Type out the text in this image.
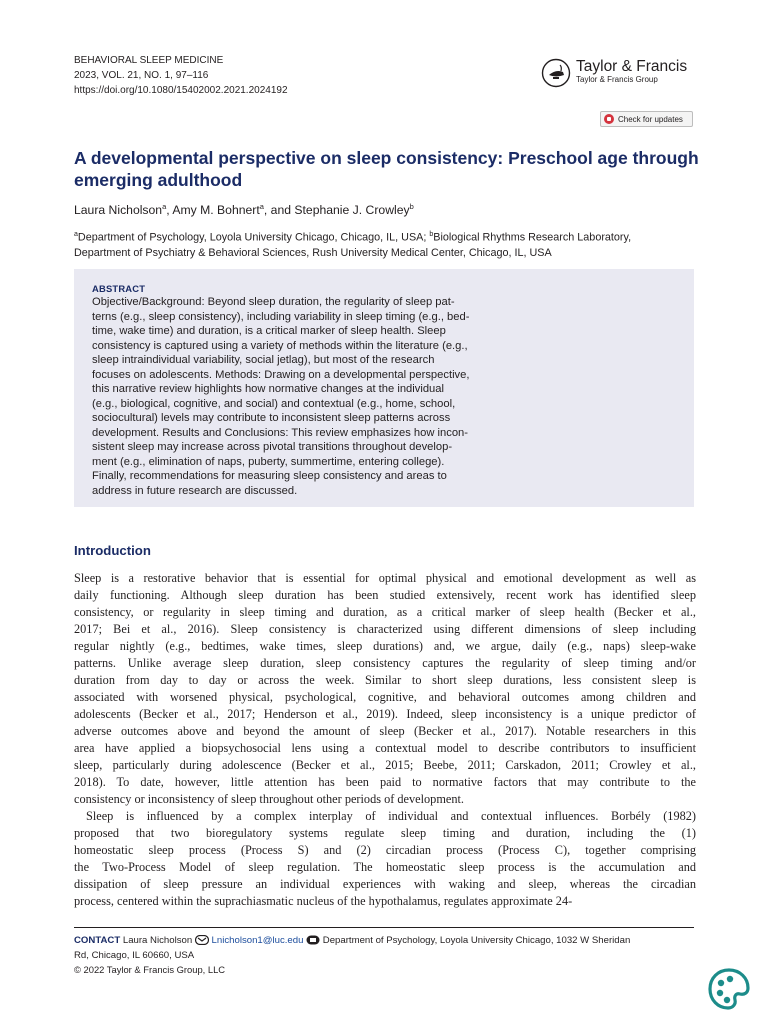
BEHAVIORAL SLEEP MEDICINE
2023, VOL. 21, NO. 1, 97–116
https://doi.org/10.1080/15402002.2021.2024192
Taylor & Francis
Taylor & Francis Group
Check for updates
A developmental perspective on sleep consistency: Preschool age through emerging adulthood
Laura Nicholson$^a$, Amy M. Bohnert$^a$, and Stephanie J. Crowley$^b$
$^a$Department of Psychology, Loyola University Chicago, Chicago, IL, USA; $^b$Biological Rhythms Research Laboratory,
Department of Psychiatry & Behavioral Sciences, Rush University Medical Center, Chicago, IL, USA
ABSTRACT
Objective/Background: Beyond sleep duration, the regularity of sleep pat-
terns (e.g., sleep consistency), including variability in sleep timing (e.g., bed-
time, wake time) and duration, is a critical marker of sleep health. Sleep
consistency is captured using a variety of methods within the literature (e.g.,
sleep intraindividual variability, social jetlag), but most of the research
focuses on adolescents. Methods: Drawing on a developmental perspective,
this narrative review highlights how normative changes at the individual
(e.g., biological, cognitive, and social) and contextual (e.g., home, school,
sociocultural) levels may contribute to inconsistent sleep patterns across
development. Results and Conclusions: This review emphasizes how incon-
sistent sleep may increase across pivotal transitions throughout develop-
ment (e.g., elimination of naps, puberty, summertime, entering college).
Finally, recommendations for measuring sleep consistency and areas to
address in future research are discussed.
Introduction
Sleep is a restorative behavior that is essential for optimal physical and emotional development as well as
daily functioning. Although sleep duration has been studied extensively, recent work has identified sleep
consistency, or regularity in sleep timing and duration, as a critical marker of sleep health (Becker et al.,
2017; Bei et al., 2016). Sleep consistency is characterized using different dimensions of sleep including
regular nightly (e.g., bedtimes, wake times, sleep durations) and, we argue, daily (e.g., naps) sleep-wake
patterns. Unlike average sleep duration, sleep consistency captures the regularity of sleep timing and/or
duration from day to day or across the week. Similar to short sleep durations, less consistent sleep is
associated with worsened physical, psychological, cognitive, and behavioral outcomes among children and
adolescents (Becker et al., 2017; Henderson et al., 2019). Indeed, sleep inconsistency is a unique predictor of
adverse outcomes above and beyond the amount of sleep (Becker et al., 2017). Notable researchers in this
area have applied a biopsychosocial lens using a contextual model to describe contributors to insufficient
sleep, particularly during adolescence (Becker et al., 2015; Beebe, 2011; Carskadon, 2011; Crowley et al.,
2018). To date, however, little attention has been paid to normative factors that may contribute to the
consistency or inconsistency of sleep throughout other periods of development.
Sleep is influenced by a complex interplay of individual and contextual influences. Borbély (1982)
proposed that two bioregulatory systems regulate sleep timing and duration, including the (1)
homeostatic sleep process (Process S) and (2) circadian process (Process C), together comprising
the Two-Process Model of sleep regulation. The homeostatic sleep process is the accumulation and
dissipation of sleep pressure an individual experiences with waking and sleep, whereas the circadian
process, centered within the suprachiasmatic nucleus of the hypothalamus, regulates approximate 24-
CONTACT Laura Nicholson Lnicholson1@luc.edu Department of Psychology, Loyola University Chicago, 1032 W Sheridan
Rd, Chicago, IL 60660, USA
© 2022 Taylor & Francis Group, LLC
